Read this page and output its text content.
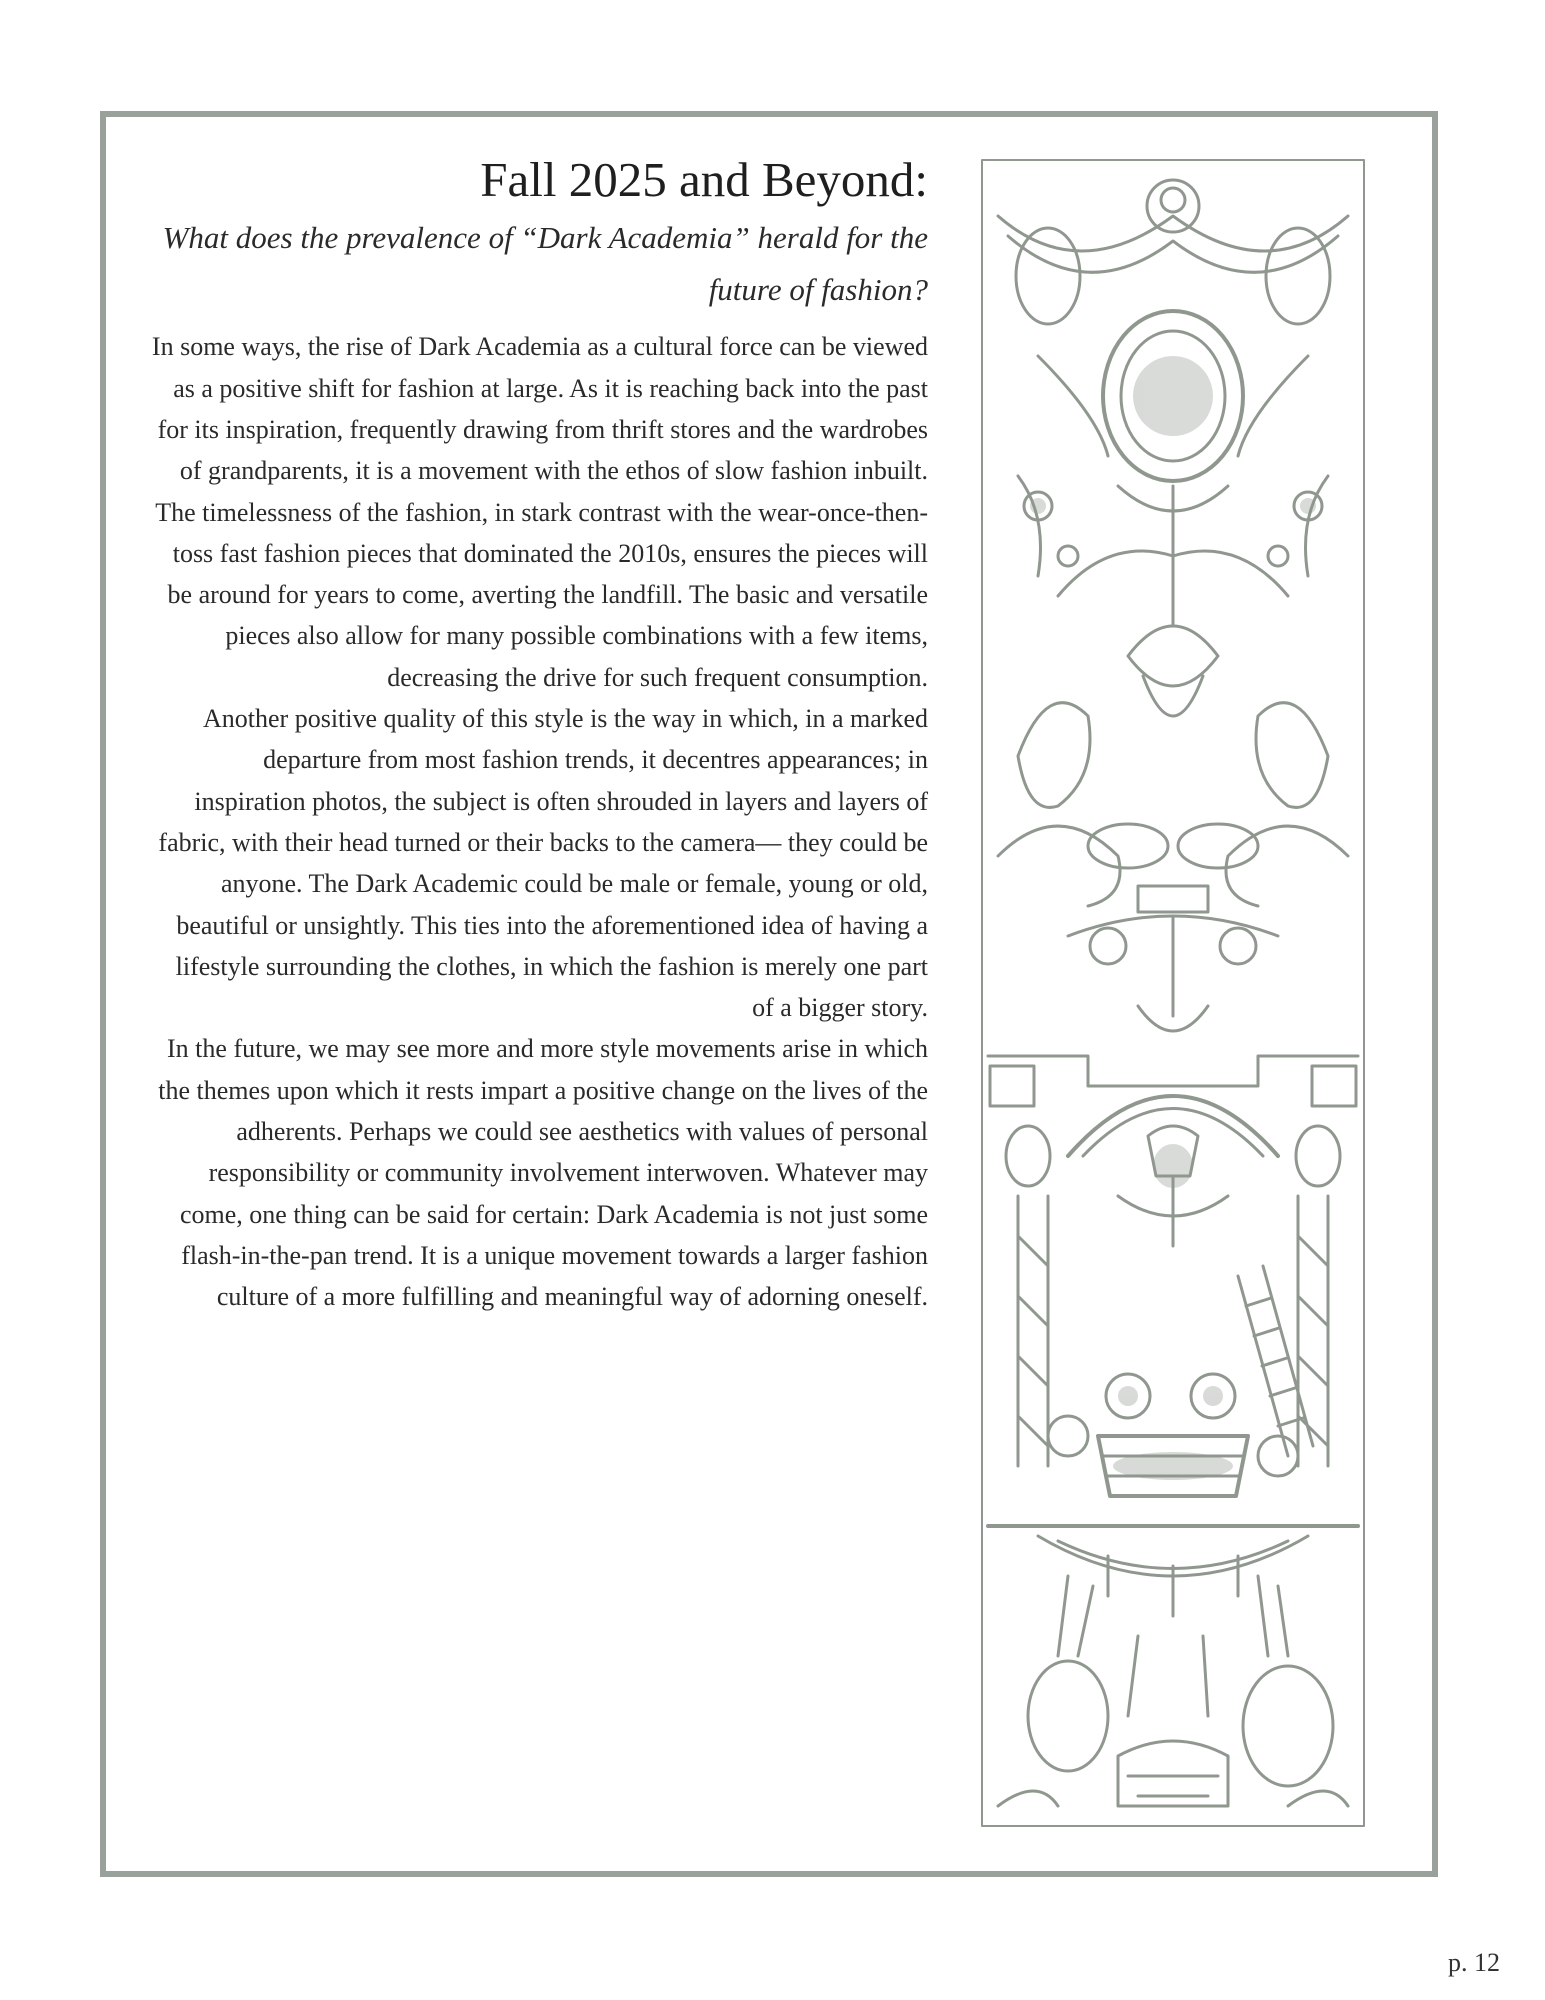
Fall 2025 and Beyond:
What does the prevalence of “Dark Academia” herald for the future of fashion?

In some ways, the rise of Dark Academia as a cultural force can be viewed as a positive shift for fashion at large. As it is reaching back into the past for its inspiration, frequently drawing from thrift stores and the wardrobes of grandparents, it is a movement with the ethos of slow fashion inbuilt. The timelessness of the fashion, in stark contrast with the wear-once-then-toss fast fashion pieces that dominated the 2010s, ensures the pieces will be around for years to come, averting the landfill. The basic and versatile pieces also allow for many possible combinations with a few items, decreasing the drive for such frequent consumption.

Another positive quality of this style is the way in which, in a marked departure from most fashion trends, it decentres appearances; in inspiration photos, the subject is often shrouded in layers and layers of fabric, with their head turned or their backs to the camera— they could be anyone. The Dark Academic could be male or female, young or old, beautiful or unsightly. This ties into the aforementioned idea of having a lifestyle surrounding the clothes, in which the fashion is merely one part of a bigger story.

In the future, we may see more and more style movements arise in which the themes upon which it rests impart a positive change on the lives of the adherents. Perhaps we could see aesthetics with values of personal responsibility or community involvement interwoven. Whatever may come, one thing can be said for certain: Dark Academia is not just some flash-in-the-pan trend. It is a unique movement towards a larger fashion culture of a more fulfilling and meaningful way of adorning oneself.

p. 12
